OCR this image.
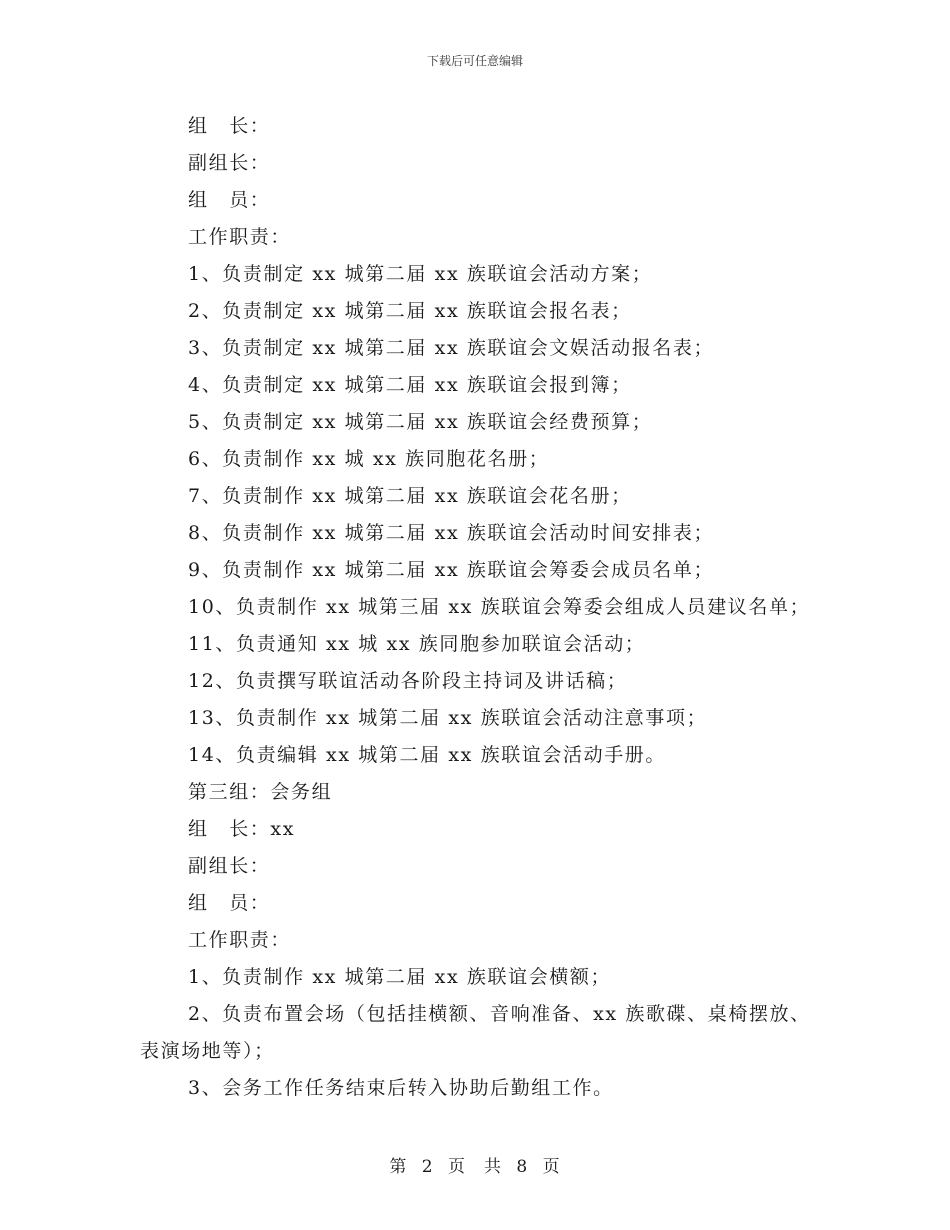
下载后可任意编辑
组　长：
副组长：
组　员：
工作职责：
1、负责制定 xx 城第二届 xx 族联谊会活动方案；
2、负责制定 xx 城第二届 xx 族联谊会报名表；
3、负责制定 xx 城第二届 xx 族联谊会文娱活动报名表；
4、负责制定 xx 城第二届 xx 族联谊会报到簿；
5、负责制定 xx 城第二届 xx 族联谊会经费预算；
6、负责制作 xx 城 xx 族同胞花名册；
7、负责制作 xx 城第二届 xx 族联谊会花名册；
8、负责制作 xx 城第二届 xx 族联谊会活动时间安排表；
9、负责制作 xx 城第二届 xx 族联谊会筹委会成员名单；
10、负责制作 xx 城第三届 xx 族联谊会筹委会组成人员建议名单；
11、负责通知 xx 城 xx 族同胞参加联谊会活动；
12、负责撰写联谊活动各阶段主持词及讲话稿；
13、负责制作 xx 城第二届 xx 族联谊会活动注意事项；
14、负责编辑 xx 城第二届 xx 族联谊会活动手册。
第三组：会务组
组　长：xx
副组长：
组　员：
工作职责：
1、负责制作 xx 城第二届 xx 族联谊会横额；
2、负责布置会场（包括挂横额、音响准备、xx 族歌碟、桌椅摆放、
表演场地等）；
3、会务工作任务结束后转入协助后勤组工作。
第 2 页　共 8 页
